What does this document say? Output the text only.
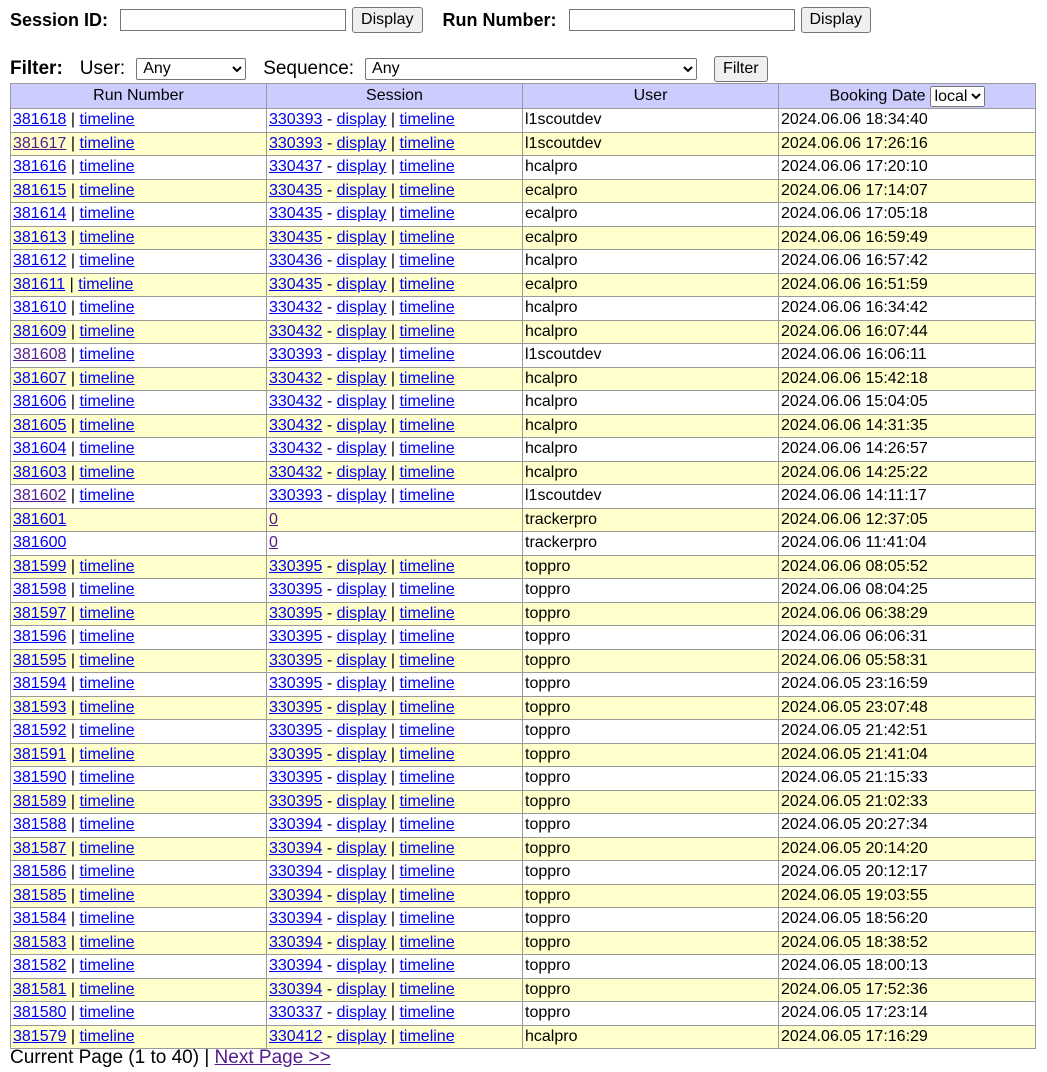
Session ID:	Display	Run Number:	Display
Filter: User:
Any	Sequence:
Any	Filter
Run Number	Session	User	Booking Date
local
381618 | timeline	330393 - display | timeline	l1scoutdev	2024.06.06 18:34:40
381617 | timeline	330393 - display | timeline	l1scoutdev	2024.06.06 17:26:16
381616 | timeline	330437 - display | timeline	hcalpro	2024.06.06 17:20:10
381615 | timeline	330435 - display | timeline	ecalpro	2024.06.06 17:14:07
381614 | timeline	330435 - display | timeline	ecalpro	2024.06.06 17:05:18
381613 | timeline	330435 - display | timeline	ecalpro	2024.06.06 16:59:49
381612 | timeline	330436 - display | timeline	hcalpro	2024.06.06 16:57:42
381611 | timeline	330435 - display | timeline	ecalpro	2024.06.06 16:51:59
381610 | timeline	330432 - display | timeline	hcalpro	2024.06.06 16:34:42
381609 | timeline	330432 - display | timeline	hcalpro	2024.06.06 16:07:44
381608 | timeline	330393 - display | timeline	l1scoutdev	2024.06.06 16:06:11
381607 | timeline	330432 - display | timeline	hcalpro	2024.06.06 15:42:18
381606 | timeline	330432 - display | timeline	hcalpro	2024.06.06 15:04:05
381605 | timeline	330432 - display | timeline	hcalpro	2024.06.06 14:31:35
381604 | timeline	330432 - display | timeline	hcalpro	2024.06.06 14:26:57
381603 | timeline	330432 - display | timeline	hcalpro	2024.06.06 14:25:22
381602 | timeline	330393 - display | timeline	l1scoutdev	2024.06.06 14:11:17
381601	0	trackerpro	2024.06.06 12:37:05
381600	0	trackerpro	2024.06.06 11:41:04
381599 | timeline	330395 - display | timeline	toppro	2024.06.06 08:05:52
381598 | timeline	330395 - display | timeline	toppro	2024.06.06 08:04:25
381597 | timeline	330395 - display | timeline	toppro	2024.06.06 06:38:29
381596 | timeline	330395 - display | timeline	toppro	2024.06.06 06:06:31
381595 | timeline	330395 - display | timeline	toppro	2024.06.06 05:58:31
381594 | timeline	330395 - display | timeline	toppro	2024.06.05 23:16:59
381593 | timeline	330395 - display | timeline	toppro	2024.06.05 23:07:48
381592 | timeline	330395 - display | timeline	toppro	2024.06.05 21:42:51
381591 | timeline	330395 - display | timeline	toppro	2024.06.05 21:41:04
381590 | timeline	330395 - display | timeline	toppro	2024.06.05 21:15:33
381589 | timeline	330395 - display | timeline	toppro	2024.06.05 21:02:33
381588 | timeline	330394 - display | timeline	toppro	2024.06.05 20:27:34
381587 | timeline	330394 - display | timeline	toppro	2024.06.05 20:14:20
381586 | timeline	330394 - display | timeline	toppro	2024.06.05 20:12:17
381585 | timeline	330394 - display | timeline	toppro	2024.06.05 19:03:55
381584 | timeline	330394 - display | timeline	toppro	2024.06.05 18:56:20
381583 | timeline	330394 - display | timeline	toppro	2024.06.05 18:38:52
381582 | timeline	330394 - display | timeline	toppro	2024.06.05 18:00:13
381581 | timeline	330394 - display | timeline	toppro	2024.06.05 17:52:36
381580 | timeline	330337 - display | timeline	toppro	2024.06.05 17:23:14
381579 | timeline	330412 - display | timeline	hcalpro	2024.06.05 17:16:29
Current Page (1 to 40) | Next Page >>
